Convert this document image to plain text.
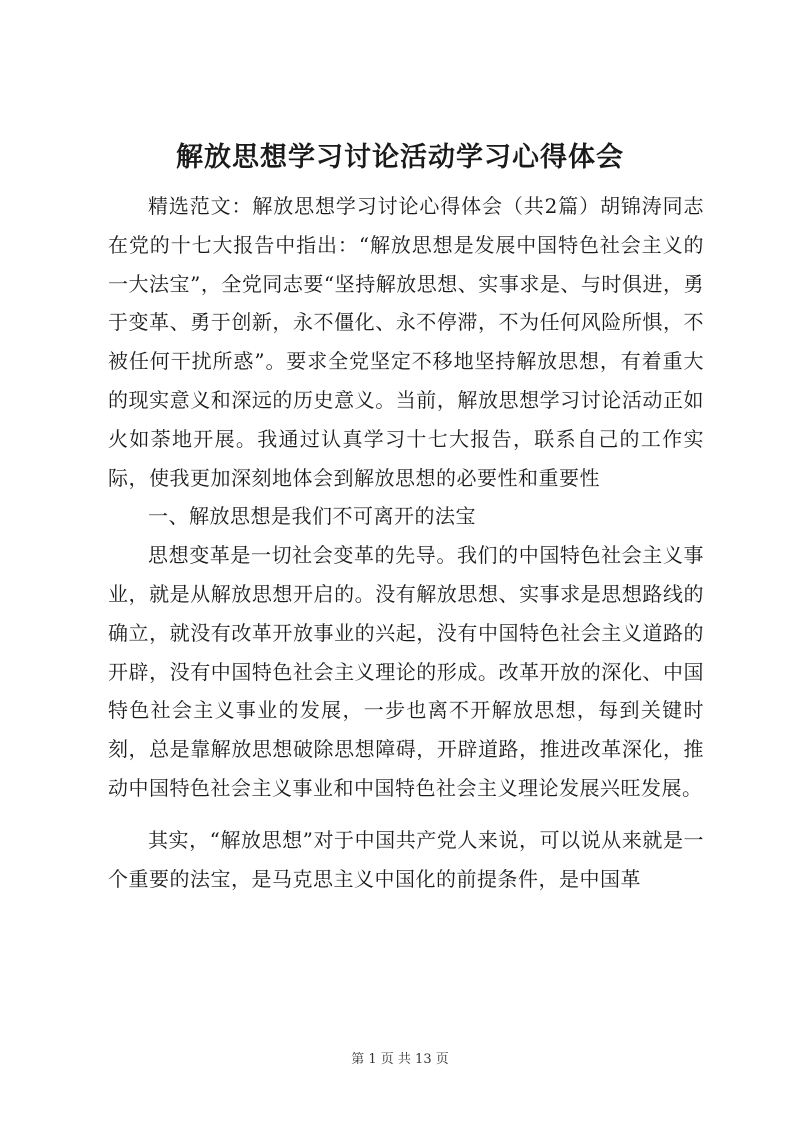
解放思想学习讨论活动学习心得体会

精选范文：解放思想学习讨论心得体会（共2篇）胡锦涛同志在党的十七大报告中指出：“解放思想是发展中国特色社会主义的一大法宝”，全党同志要“坚持解放思想、实事求是、与时俱进，勇于变革、勇于创新，永不僵化、永不停滞，不为任何风险所惧，不被任何干扰所惑”。要求全党坚定不移地坚持解放思想，有着重大的现实意义和深远的历史意义。当前，解放思想学习讨论活动正如火如荼地开展。我通过认真学习十七大报告，联系自己的工作实际，使我更加深刻地体会到解放思想的必要性和重要性

一、解放思想是我们不可离开的法宝

思想变革是一切社会变革的先导。我们的中国特色社会主义事业，就是从解放思想开启的。没有解放思想、实事求是思想路线的确立，就没有改革开放事业的兴起，没有中国特色社会主义道路的开辟，没有中国特色社会主义理论的形成。改革开放的深化、中国特色社会主义事业的发展，一步也离不开解放思想，每到关键时刻，总是靠解放思想破除思想障碍，开辟道路，推进改革深化，推动中国特色社会主义事业和中国特色社会主义理论发展兴旺发展。

其实，“解放思想”对于中国共产党人来说，可以说从来就是一个重要的法宝，是马克思主义中国化的前提条件，是中国革

第 1 页 共 13 页
